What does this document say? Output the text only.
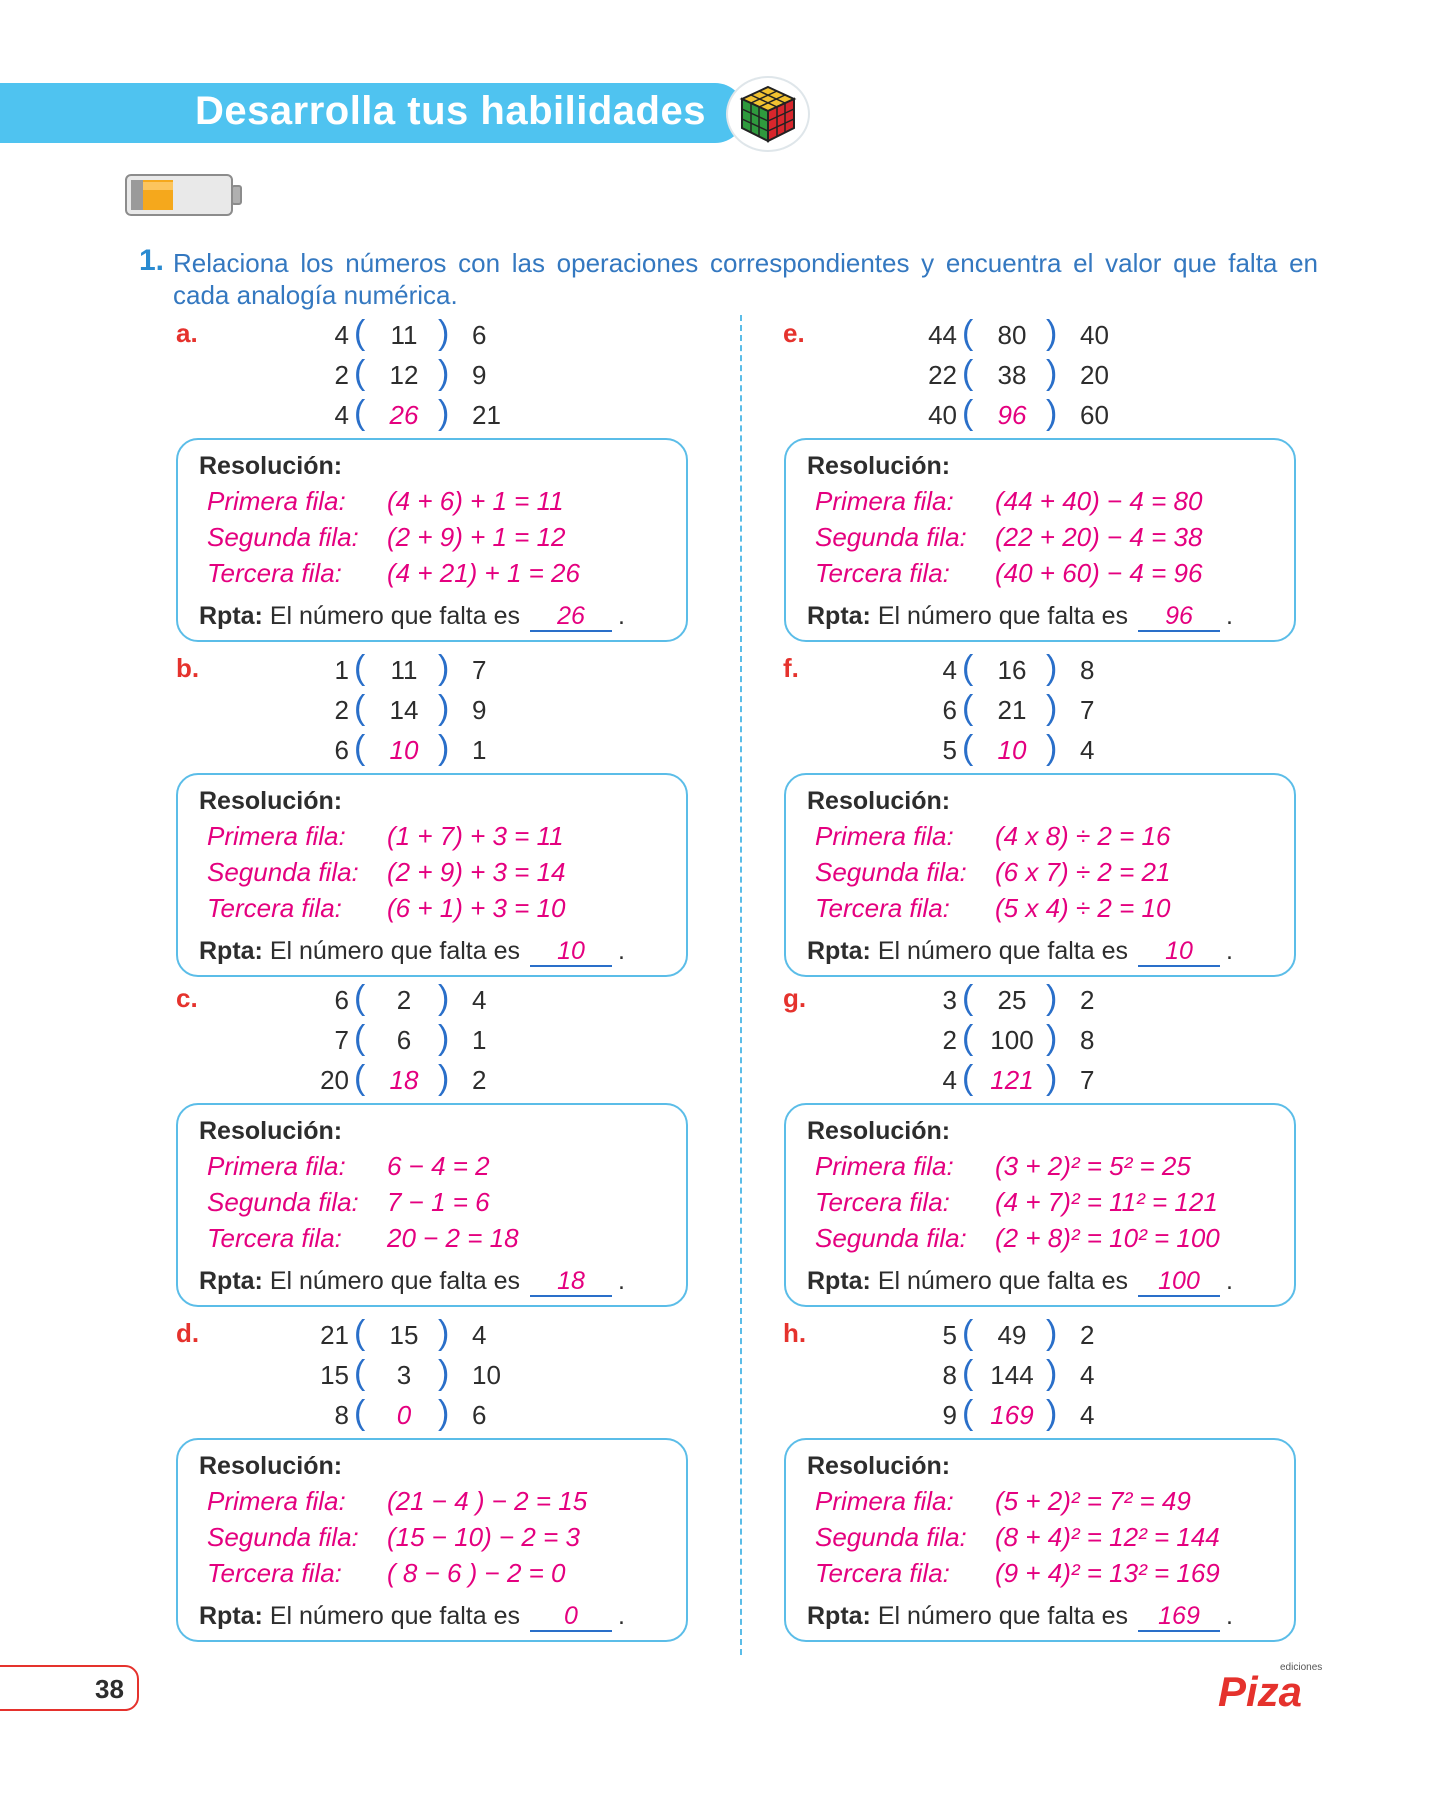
Desarrolla tus habilidades
1. Relaciona los números con las operaciones correspondientes y encuentra el valor que falta en cada analogía numérica.
a.	4 ( 11 ) 6
2 ( 12 ) 9
4 ( 26 ) 21
Resolución:
Primera fila: (4 + 6) + 1 = 11
Segunda fila: (2 + 9) + 1 = 12
Tercera fila: (4 + 21) + 1 = 26
Rpta: El número que falta es 26 .
b.	1 ( 11 ) 7
2 ( 14 ) 9
6 ( 10 ) 1
Resolución:
Primera fila: (1 + 7) + 3 = 11
Segunda fila: (2 + 9) + 3 = 14
Tercera fila: (6 + 1) + 3 = 10
Rpta: El número que falta es 10 .
c.	6 (	2 ) 4
7 (	6 ) 1
20 ( 18 ) 2
Resolución:
Primera fila: 6 − 4 = 2
Segunda fila: 7 − 1 = 6
Tercera fila: 20 − 2 = 18
Rpta: El número que falta es 18 .
d.	21 ( 15 ) 4
15 (	3 ) 10
8 (	0 ) 6
Resolución:
Primera fila: (21 − 4 ) − 2 = 15
Segunda fila: (15 − 10) − 2 = 3
Tercera fila: ( 8 − 6 ) − 2 = 0
Rpta: El número que falta es 0 .
e.	44 ( 80 ) 40
22 ( 38 ) 20
40 ( 96 ) 60
Resolución:
Primera fila: (44 + 40) − 4 = 80
Segunda fila: (22 + 20) − 4 = 38
Tercera fila: (40 + 60) − 4 = 96
Rpta: El número que falta es 96 .
f.	4 ( 16 ) 8
6 ( 21 ) 7
5 ( 10 ) 4
Resolución:
Primera fila: (4 x 8) ÷ 2 = 16
Segunda fila: (6 x 7) ÷ 2 = 21
Tercera fila: (5 x 4) ÷ 2 = 10
Rpta: El número que falta es 10 .
g.	3 ( 25 ) 2
2 ( 100 ) 8
4 ( 121 ) 7
Resolución:
Primera fila: (3 + 2)² = 5² = 25
Tercera fila: (4 + 7)² = 11² = 121
Segunda fila: (2 + 8)² = 10² = 100
Rpta: El número que falta es 100 .
h.	5 ( 49 ) 2
8 ( 144 ) 4
9 ( 169 ) 4
Resolución:
Primera fila: (5 + 2)² = 7² = 49
Segunda fila: (8 + 4)² = 12² = 144
Tercera fila: (9 + 4)² = 13² = 169
Rpta: El número que falta es 169 .
38
ediciones
Piza
